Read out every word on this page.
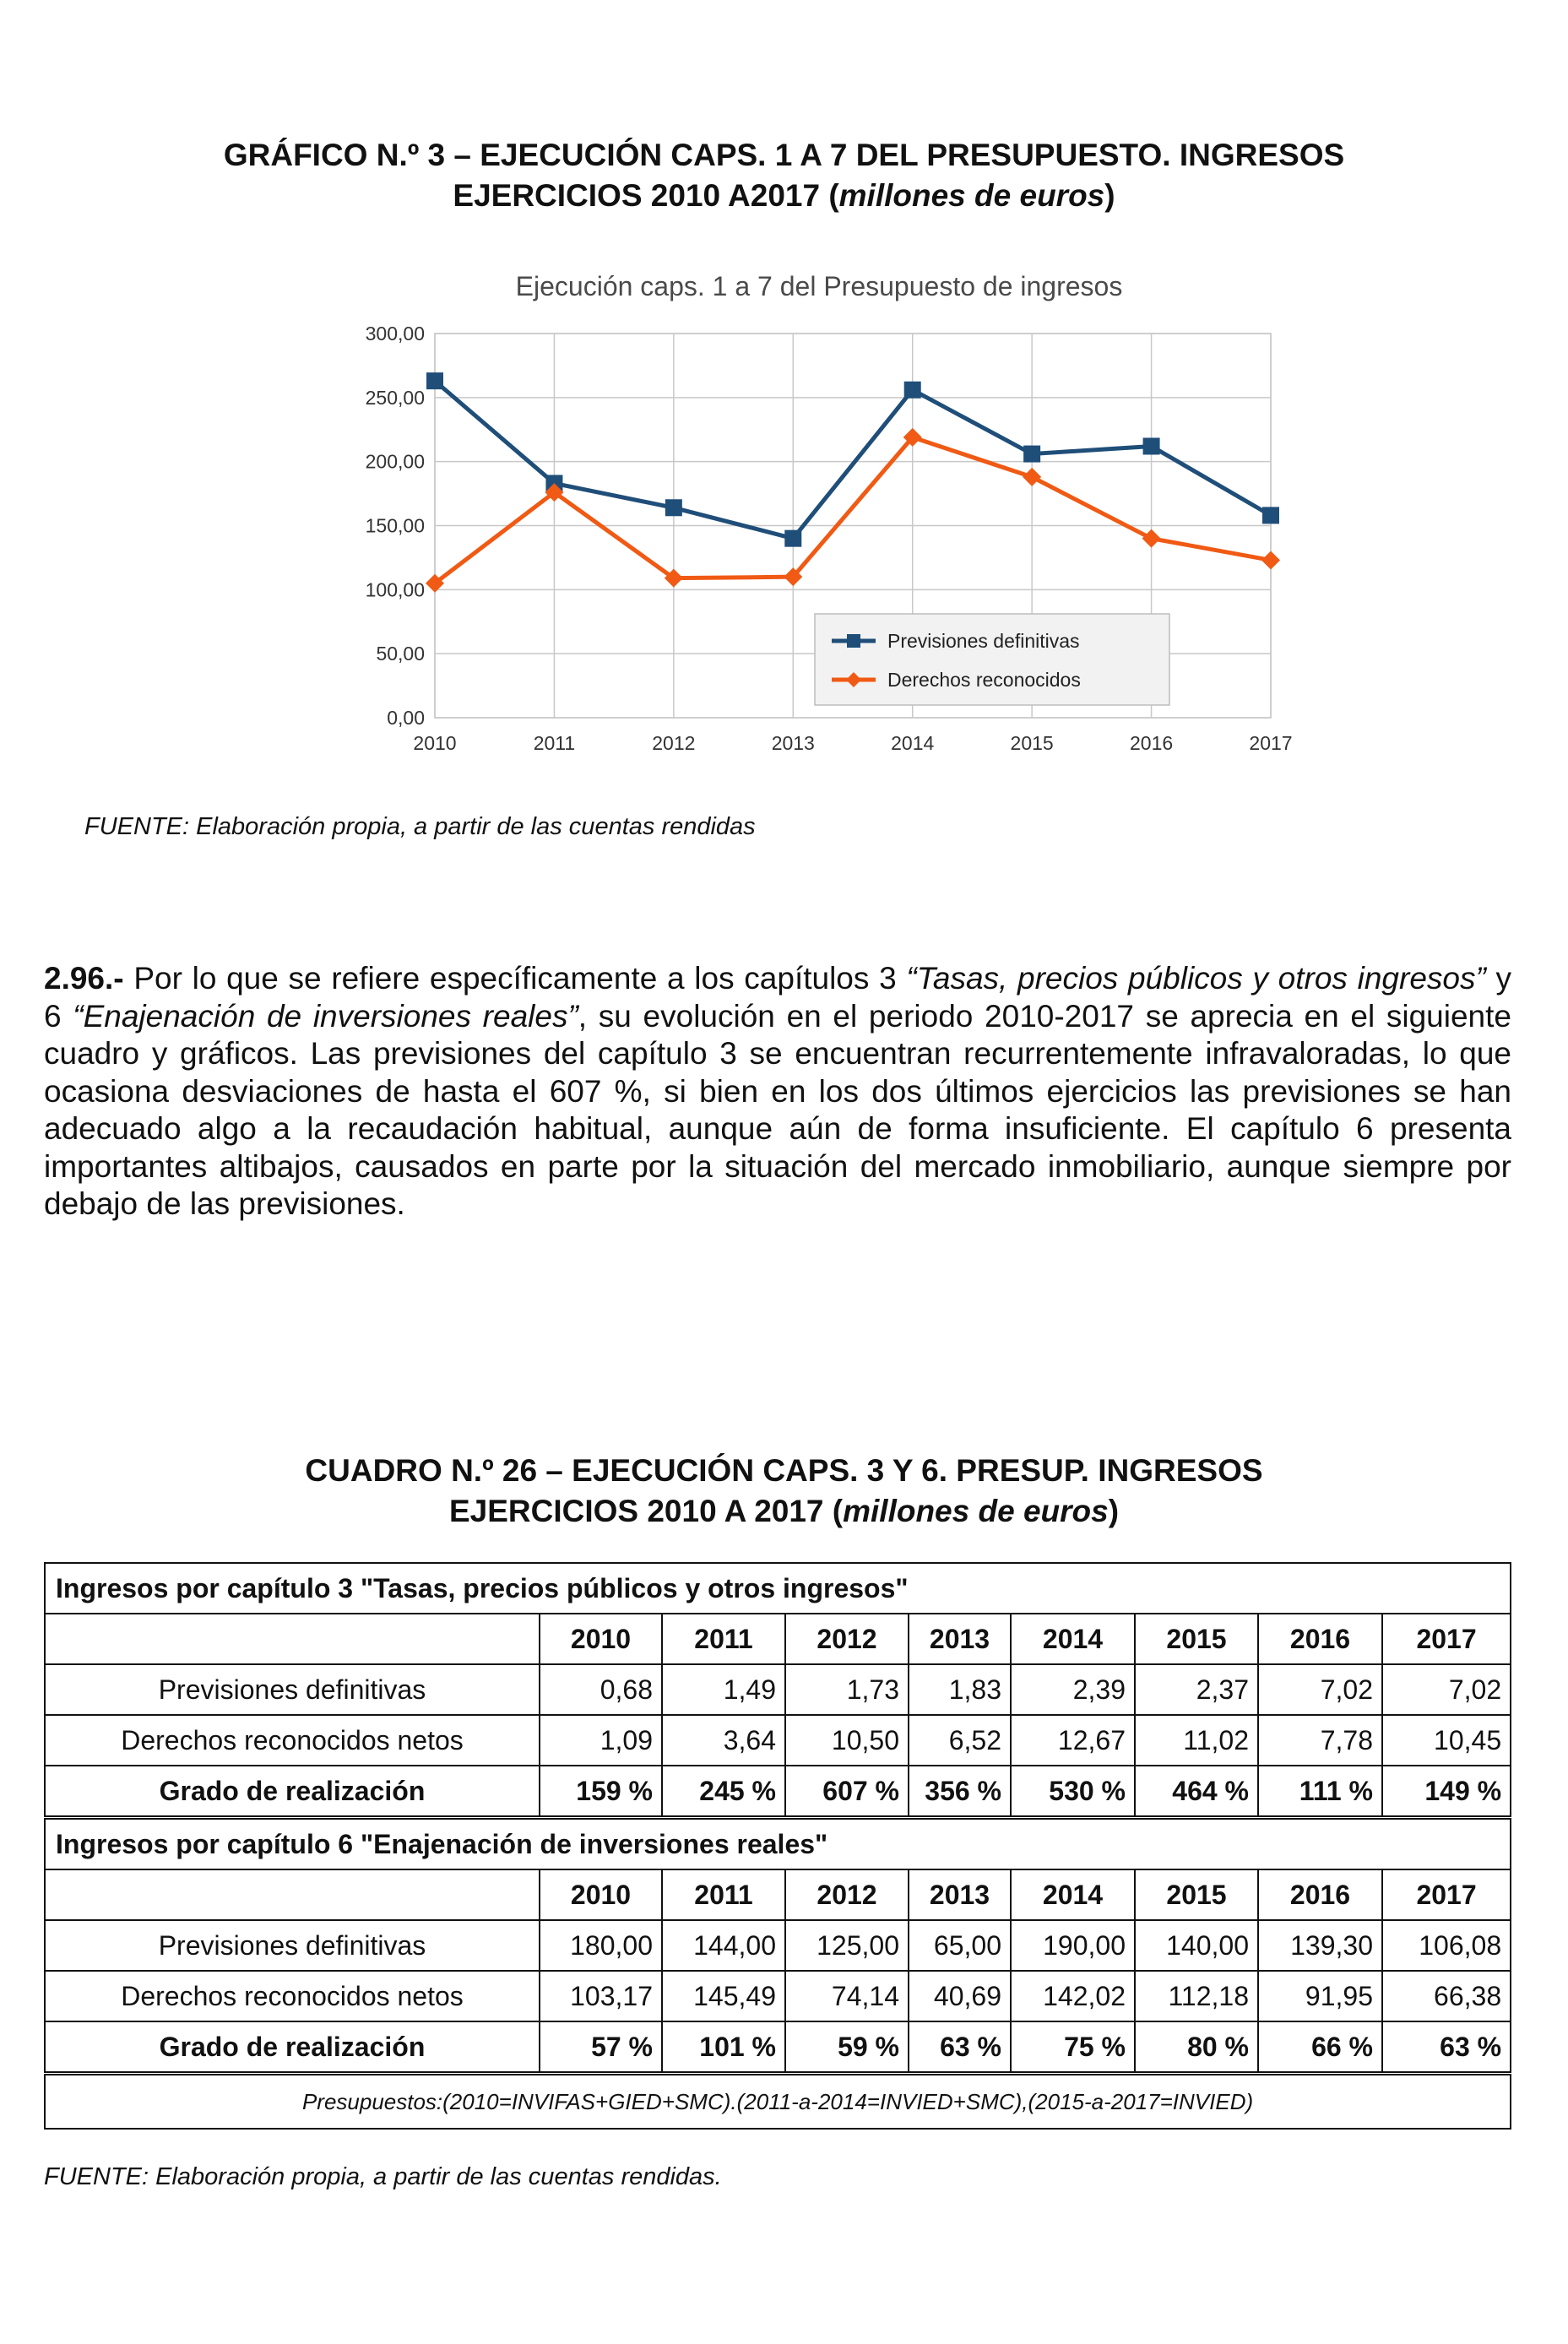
GRÁFICO N.º 3 – EJECUCIÓN CAPS. 1 A 7 DEL PRESUPUESTO. INGRESOS
EJERCICIOS 2010 A2017 (millones de euros)
Ejecución caps. 1 a 7 del Presupuesto de ingresos
0,00
50,00
100,00
150,00
200,00
250,00
300,00
2010	2011	2012	2013	2014	2015	2016	2017
Previsiones definitivas
Derechos reconocidos
FUENTE: Elaboración propia, a partir de las cuentas rendidas
2.96.- Por lo que se refiere específicamente a los capítulos 3 “Tasas, precios públicos y otros ingresos” y 6 “Enajenación de inversiones reales”, su evolución en el periodo 2010-2017 se aprecia en el siguiente cuadro y gráficos. Las previsiones del capítulo 3 se encuentran recurrentemente infravaloradas, lo que ocasiona desviaciones de hasta el 607 %, si bien en los dos últimos ejercicios las previsiones se han adecuado algo a la recaudación habitual, aunque aún de forma insuficiente. El capítulo 6 presenta importantes altibajos, causados en parte por la situación del mercado inmobiliario, aunque siempre por debajo de las previsiones.
CUADRO N.º 26 – EJECUCIÓN CAPS. 3 Y 6. PRESUP. INGRESOS
EJERCICIOS 2010 A 2017 (millones de euros)
Ingresos por capítulo 3 "Tasas, precios públicos y otros ingresos"								
	2010	2011	2012	2013	2014	2015	2016	2017
Previsiones definitivas	0,68	1,49	1,73	1,83	2,39	2,37	7,02	7,02
Derechos reconocidos netos	1,09	3,64	10,50	6,52	12,67	11,02	7,78	10,45
Grado de realización	159 %	245 %	607 %	356 %	530 %	464 %	111 %	149 %
Ingresos por capítulo 6 "Enajenación de inversiones reales"								
	2010	2011	2012	2013	2014	2015	2016	2017
Previsiones definitivas	180,00	144,00	125,00	65,00	190,00	140,00	139,30	106,08
Derechos reconocidos netos	103,17	145,49	74,14	40,69	142,02	112,18	91,95	66,38
Grado de realización	57 %	101 %	59 %	63 %	75 %	80 %	66 %	63 %
Presupuestos:(2010=INVIFAS+GIED+SMC).(2011-a-2014=INVIED+SMC),(2015-a-2017=INVIED)								
FUENTE: Elaboración propia, a partir de las cuentas rendidas.
